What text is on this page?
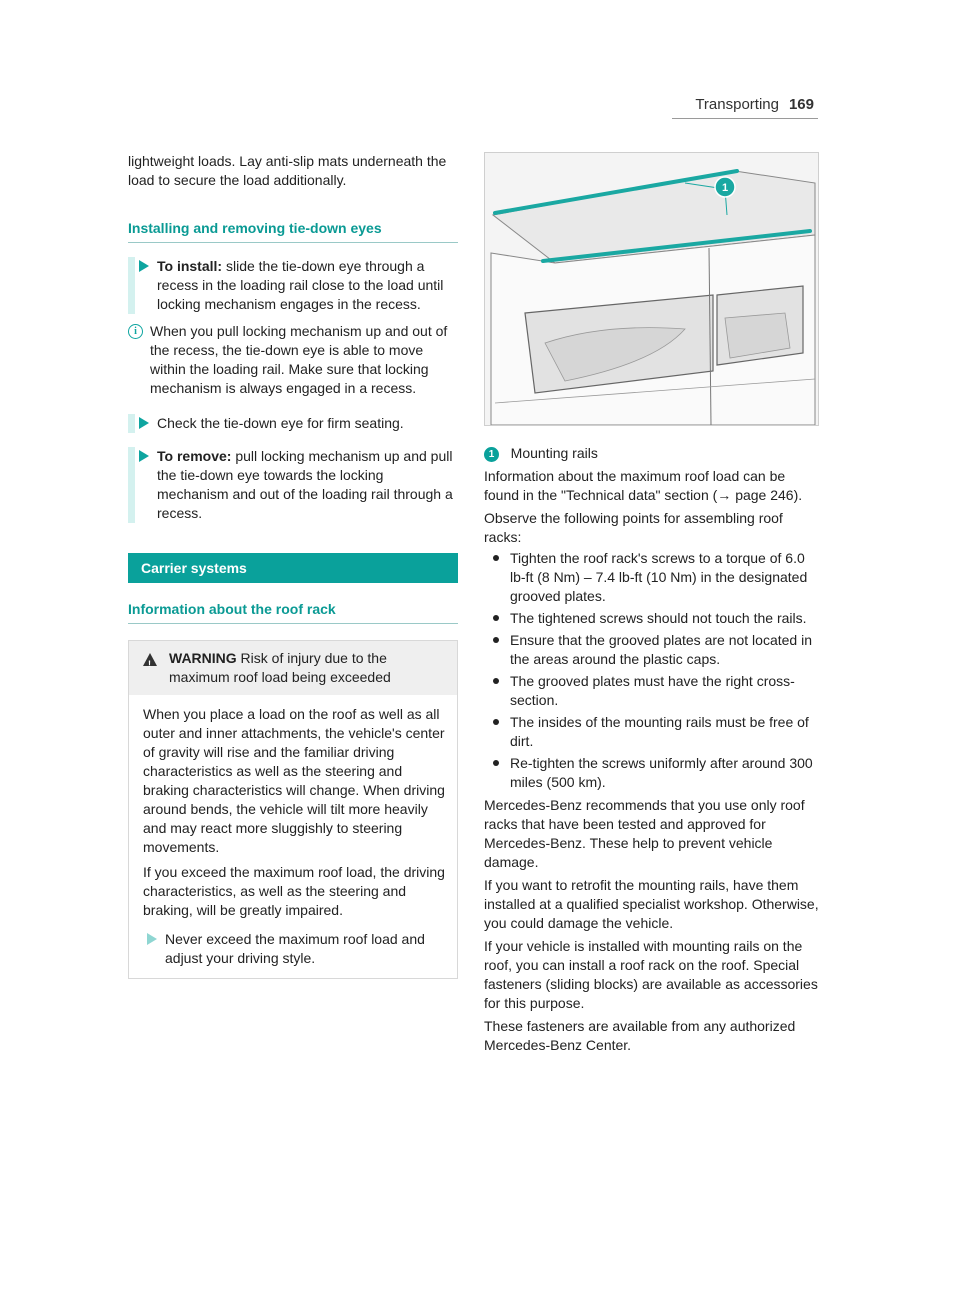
Transporting 169

lightweight loads. Lay anti-slip mats underneath the load to secure the load additionally.

Installing and removing tie-down eyes
To install: slide the tie-down eye through a recess in the loading rail close to the load until locking mechanism engages in the recess.
i When you pull locking mechanism up and out of the recess, the tie-down eye is able to move within the loading rail. Make sure that locking mechanism is always engaged in a recess.
Check the tie-down eye for firm seating.
To remove: pull locking mechanism up and pull the tie-down eye towards the locking mechanism and out of the loading rail through a recess.
Carrier systems
Information about the roof rack
!
WARNING Risk of injury due to the maximum roof load being exceeded

When you place a load on the roof as well as all outer and inner attachments, the vehicle's center of gravity will rise and the familiar driving characteristics as well as the steering and braking characteristics will change. When driving around bends, the vehicle will tilt more heavily and may react more sluggishly to steering movements.

If you exceed the maximum roof load, the driving characteristics, as well as the steering and braking, will be greatly impaired.

Never exceed the maximum roof load and adjust your driving style.
1

1 Mounting rails

Information about the maximum roof load can be found in the "Technical data" section (→ page 246).

Observe the following points for assembling roof racks:

Tighten the roof rack's screws to a torque of 6.0 lb-ft (8 Nm) – 7.4 lb-ft (10 Nm) in the designated grooved plates.
The tightened screws should not touch the rails.
Ensure that the grooved plates are not located in the areas around the plastic caps.
The grooved plates must have the right cross-section.
The insides of the mounting rails must be free of dirt.
Re-tighten the screws uniformly after around 300 miles (500 km).

Mercedes-Benz recommends that you use only roof racks that have been tested and approved for Mercedes-Benz. These help to prevent vehicle damage.

If you want to retrofit the mounting rails, have them installed at a qualified specialist workshop. Otherwise, you could damage the vehicle.

If your vehicle is installed with mounting rails on the roof, you can install a roof rack on the roof. Special fasteners (sliding blocks) are available as accessories for this purpose.

These fasteners are available from any authorized Mercedes-Benz Center.
